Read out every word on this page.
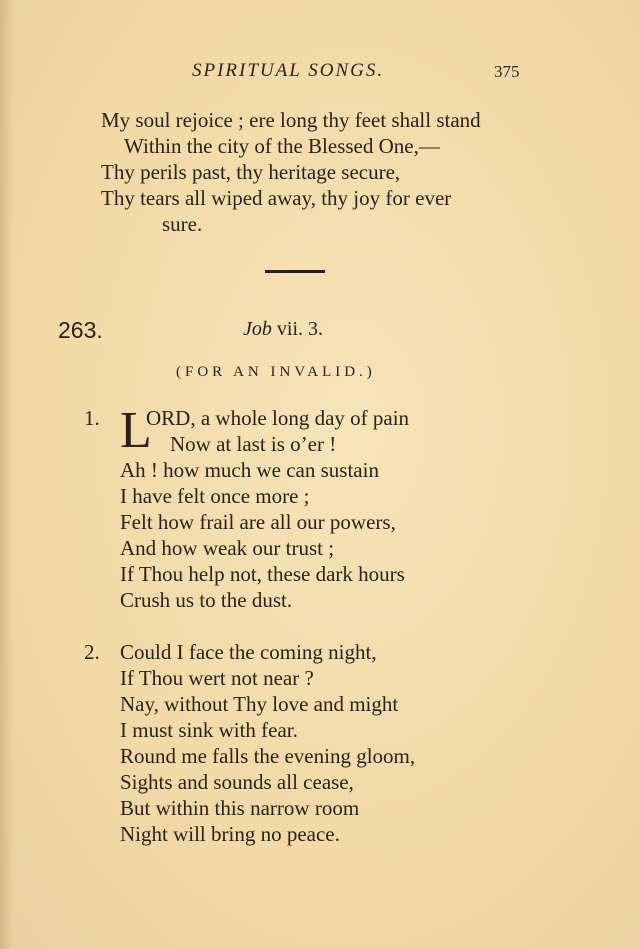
SPIRITUAL SONGS.	375
My soul rejoice ; ere long thy feet shall stand
Within the city of the Blessed One,—
Thy perils past, thy heritage secure,
Thy tears all wiped away, thy joy for ever
sure.
263.	Job vii. 3.
(FOR AN INVALID.)
1. L
ORD, a whole long day of pain
Now at last is o’er !
Ah ! how much we can sustain
I have felt once more ;
Felt how frail are all our powers,
And how weak our trust ;
If Thou help not, these dark hours
Crush us to the dust.
2. Could I face the coming night,
If Thou wert not near ?
Nay, without Thy love and might
I must sink with fear.
Round me falls the evening gloom,
Sights and sounds all cease,
But within this narrow room
Night will bring no peace.
